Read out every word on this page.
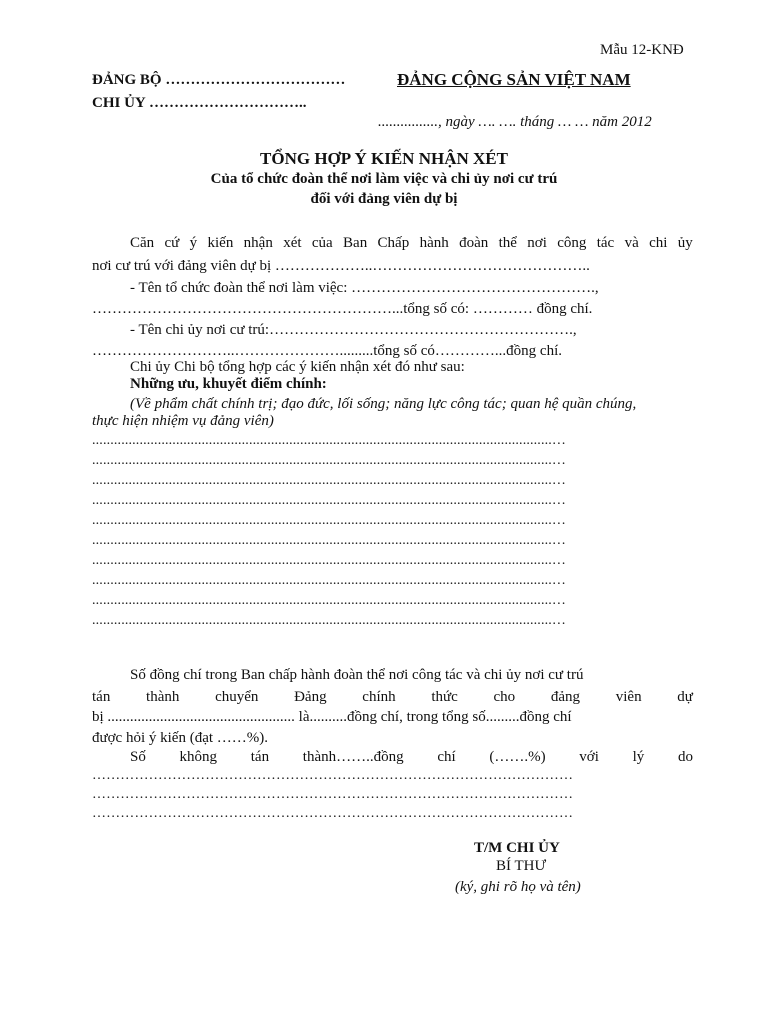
Mẫu 12-KNĐ
ĐẢNG BỘ ………………………………
CHI ỦY …………………………..
ĐẢNG CỘNG SẢN VIỆT NAM
................, ngày …. …. tháng … … năm 2012
TỔNG HỢP Ý KIẾN NHẬN XÉT
Của tổ chức đoàn thể nơi làm việc và chi ủy nơi cư trú
đối với đảng viên dự bị
Căn cứ ý kiến nhận xét của Ban Chấp hành đoàn thể nơi công tác và chi ủy
nơi cư trú với đảng viên dự bị ………………..……………………………………..
- Tên tổ chức đoàn thể nơi làm việc: ………………………………………….,
……………………………………………………...tổng số có: ………… đồng chí.
- Tên chi ủy nơi cư trú:…………………………………………………….,
………………………..………………….........tổng số có…………...đồng chí.
Chi ủy Chi bộ tổng hợp các ý kiến nhận xét đó như sau:
Những ưu, khuyết điểm chính:
(Về phẩm chất chính trị; đạo đức, lối sống; năng lực công tác; quan hệ quần chúng,
thực hiện nhiệm vụ đảng viên)
..............................................................................................................................…
..............................................................................................................................…
..............................................................................................................................…
..............................................................................................................................…
..............................................................................................................................…
..............................................................................................................................…
..............................................................................................................................…
..............................................................................................................................…
..............................................................................................................................…
..............................................................................................................................…
Số đồng chí trong Ban chấp hành đoàn thể nơi công tác và chi ủy nơi cư trú
tán thành chuyển Đảng chính thức cho đảng viên dự
bị .................................................. là..........đồng chí, trong tổng số.........đồng chí
được hỏi ý kiến (đạt ……%).
Số không tán thành……..đồng chí (…….%) với lý do
…………………………………………………………………………………………
…………………………………………………………………………………………
…………………………………………………………………………………………
T/M CHI ỦY
BÍ THƯ
(ký, ghi rõ họ và tên)
